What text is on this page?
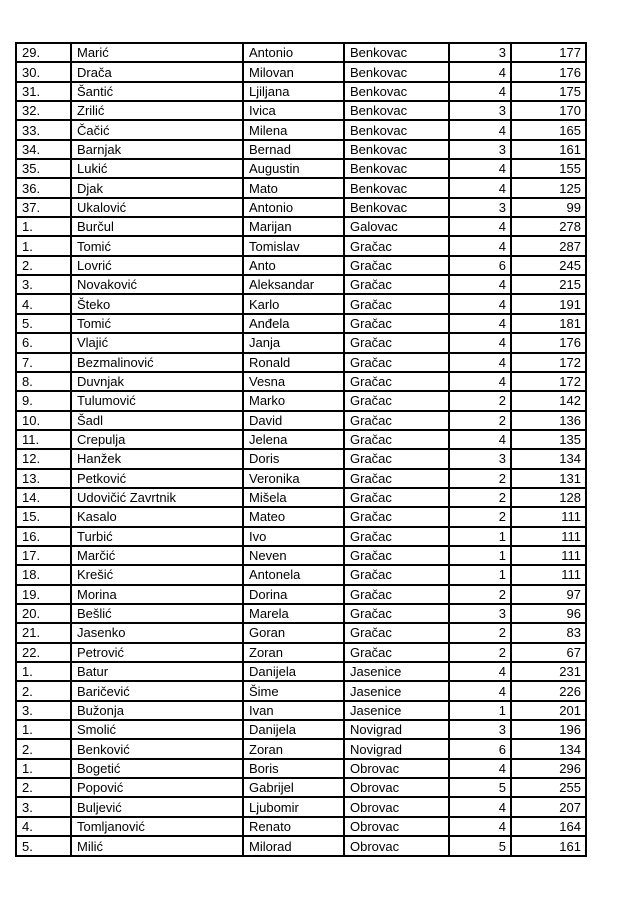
29.	Marić	Antonio	Benkovac	3	177
30.	Drača	Milovan	Benkovac	4	176
31.	Šantić	Ljiljana	Benkovac	4	175
32.	Zrilić	Ivica	Benkovac	3	170
33.	Čačić	Milena	Benkovac	4	165
34.	Barnjak	Bernad	Benkovac	3	161
35.	Lukić	Augustin	Benkovac	4	155
36.	Djak	Mato	Benkovac	4	125
37.	Ukalović	Antonio	Benkovac	3	99
1.	Burčul	Marijan	Galovac	4	278
1.	Tomić	Tomislav	Gračac	4	287
2.	Lovrić	Anto	Gračac	6	245
3.	Novaković	Aleksandar	Gračac	4	215
4.	Šteko	Karlo	Gračac	4	191
5.	Tomić	Anđela	Gračac	4	181
6.	Vlajić	Janja	Gračac	4	176
7.	Bezmalinović	Ronald	Gračac	4	172
8.	Duvnjak	Vesna	Gračac	4	172
9.	Tulumović	Marko	Gračac	2	142
10.	Šadl	David	Gračac	2	136
11.	Crepulja	Jelena	Gračac	4	135
12.	Hanžek	Doris	Gračac	3	134
13.	Petković	Veronika	Gračac	2	131
14.	Udovičić Zavrtnik	Mišela	Gračac	2	128
15.	Kasalo	Mateo	Gračac	2	111
16.	Turbić	Ivo	Gračac	1	111
17.	Marčić	Neven	Gračac	1	111
18.	Krešić	Antonela	Gračac	1	111
19.	Morina	Dorina	Gračac	2	97
20.	Bešlić	Marela	Gračac	3	96
21.	Jasenko	Goran	Gračac	2	83
22.	Petrović	Zoran	Gračac	2	67
1.	Batur	Danijela	Jasenice	4	231
2.	Baričević	Šime	Jasenice	4	226
3.	Bužonja	Ivan	Jasenice	1	201
1.	Smolić	Danijela	Novigrad	3	196
2.	Benković	Zoran	Novigrad	6	134
1.	Bogetić	Boris	Obrovac	4	296
2.	Popović	Gabrijel	Obrovac	5	255
3.	Buljević	Ljubomir	Obrovac	4	207
4.	Tomljanović	Renato	Obrovac	4	164
5.	Milić	Milorad	Obrovac	5	161
